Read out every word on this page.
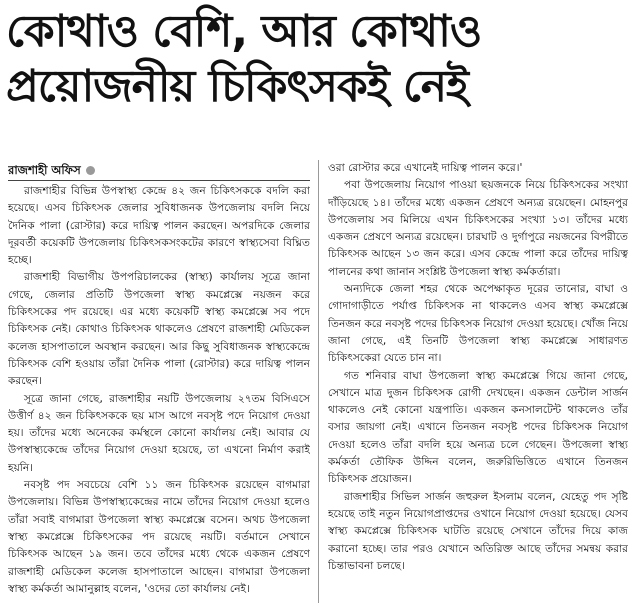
কোথাও বেশি, আর কোথাও
প্রয়োজনীয় চিকিৎসকই নেই
রাজশাহী অফিস

রাজশাহীর বিভিন্ন উপস্বাস্থ্য কেন্দ্রে ৪২ জন চিকিৎসককে বদলি করা হয়েছে। এসব চিকিৎসক জেলার সুবিধাজনক উপজেলায় বদলি নিয়ে দৈনিক পালা (রোস্টার) করে দায়িত্ব পালন করছেন। অপরদিকে জেলার দূরবর্তী কয়েকটি উপজেলায় চিকিৎসকসংকটের কারণে স্বাস্থ্যসেবা বিঘ্নিত হচ্ছে।

রাজশাহী বিভাগীয় উপপরিচালকের (স্বাস্থ্য) কার্যালয় সূত্রে জানা গেছে, জেলার প্রতিটি উপজেলা স্বাস্থ্য কমপ্লেক্সে নয়জন করে চিকিৎসকের পদ রয়েছে। এর মধ্যে কয়েকটি স্বাস্থ্য কমপ্লেক্সে সব পদে চিকিৎসক নেই। কোথাও চিকিৎসক থাকলেও প্রেষণে রাজশাহী মেডিকেল কলেজ হাসপাতালে অবস্থান করছেন। আর কিছু সুবিধাজনক স্বাস্থ্যকেন্দ্রে চিকিৎসক বেশি হওয়ায় তাঁরা দৈনিক পালা (রোস্টার) করে দায়িত্ব পালন করছেন।

সূত্রে জানা গেছে, রাজশাহীর নয়টি উপজেলায় ২৭তম বিসিএসে উত্তীর্ণ ৪২ জন চিকিৎসককে ছয় মাস আগে নবসৃষ্ট পদে নিয়োগ দেওয়া হয়। তাঁদের মধ্যে অনেকের কর্মস্থলে কোনো কার্যালয় নেই। আবার যে উপস্বাস্থ্যকেন্দ্রে তাঁদের নিয়োগ দেওয়া হয়েছে, তা এখনো নির্মাণ করাই হয়নি।

নবসৃষ্ট পদ সবচেয়ে বেশি ১১ জন চিকিৎসক রয়েছেন বাগমারা উপজেলায়। বিভিন্ন উপস্বাস্থ্যকেন্দ্রের নামে তাঁদের নিয়োগ দেওয়া হলেও তাঁরা সবাই বাগমারা উপজেলা স্বাস্থ্য কমপ্লেক্সে বসেন। অথচ উপজেলা স্বাস্থ্য কমপ্লেক্সে চিকিৎসকের পদ রয়েছে নয়টি। বর্তমানে সেখানে চিকিৎসক আছেন ১৯ জন। তবে তাঁদের মধ্যে থেকে একজন প্রেষণে রাজশাহী মেডিকেল কলেজ হাসপাতালে আছেন। বাগমারা উপজেলা স্বাস্থ্য কর্মকর্তা আমানুল্লাহ বলেন, 'ওদের তো কার্যালয় নেই।

ওরা রোস্টার করে এখানেই দায়িত্ব পালন করে।'

পবা উপজেলায় নিয়োগ পাওয়া ছয়জনকে নিয়ে চিকিৎসকের সংখ্যা দাঁড়িয়েছে ১৪। তাঁদের মধ্যে একজন প্রেষণে অন্যত্র রয়েছেন। মোহনপুর উপজেলায় সব মিলিয়ে এখন চিকিৎসকের সংখ্যা ১৩। তাঁদের মধ্যে একজন প্রেষণে অন্যত্র রয়েছেন। চারঘাট ও দুর্গাপুরে নয়জনের বিপরীতে চিকিৎসক আছেন ১৩ জন করে। এসব কেন্দ্রে পালা করে তাঁদের দায়িত্ব পালনের কথা জানান সংশ্লিষ্ট উপজেলা স্বাস্থ্য কর্মকর্তারা।

অন্যদিকে জেলা শহর থেকে অপেক্ষাকৃত দূরের তানোর, বাঘা ও গোদাগাড়ীতে পর্যাপ্ত চিকিৎসক না থাকলেও এসব স্বাস্থ্য কমপ্লেক্সে তিনজন করে নবসৃষ্ট পদের চিকিৎসক নিয়োগ দেওয়া হয়েছে। খোঁজ নিয়ে জানা গেছে, এই তিনটি উপজেলা স্বাস্থ্য কমপ্লেক্সে সাধারণত চিকিৎসকেরা যেতে চান না।

গত শনিবার বাঘা উপজেলা স্বাস্থ্য কমপ্লেক্সে গিয়ে জানা গেছে, সেখানে মাত্র দুজন চিকিৎসক রোগী দেখছেন। একজন ডেন্টাল সার্জন থাকলেও নেই কোনো যন্ত্রপাতি। একজন কনসালটেন্ট থাকলেও তাঁর বসার জায়গা নেই। এখানে তিনজন নবসৃষ্ট পদের চিকিৎসক নিয়োগ দেওয়া হলেও তাঁরা বদলি হয়ে অন্যত্র চলে গেছেন। উপজেলা স্বাস্থ্য কর্মকর্তা তৌফিক উদ্দিন বলেন, জরুরিভিত্তিতে এখানে তিনজন চিকিৎসক প্রয়োজন।

রাজশাহীর সিভিল সার্জন জহুরুল ইসলাম বলেন, যেহেতু পদ সৃষ্টি হয়েছে তাই নতুন নিয়োগপ্রাপ্তদের ওখানে নিয়োগ দেওয়া হয়েছে। যেসব স্বাস্থ্য কমপ্লেক্সে চিকিৎসক ঘাটতি রয়েছে সেখানে তাঁদের দিয়ে কাজ করানো হচ্ছে। তার পরও যেখানে অতিরিক্ত আছে তাঁদের সমন্বয় করার চিন্তাভাবনা চলছে।
